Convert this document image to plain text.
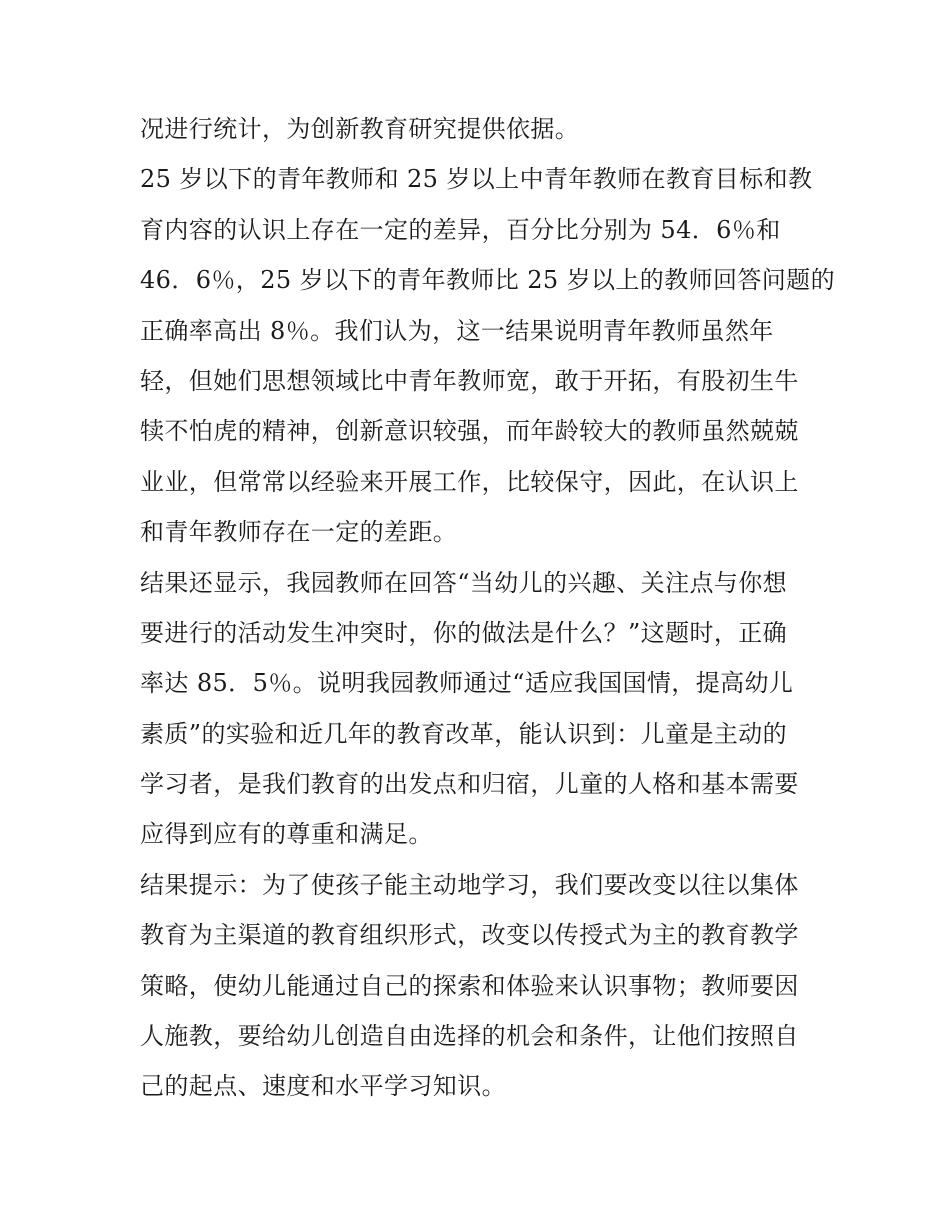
况进行统计，为创新教育研究提供依据。
25 岁以下的青年教师和 25 岁以上中青年教师在教育目标和教
育内容的认识上存在一定的差异，百分比分别为 54．6％和
46．6％，25 岁以下的青年教师比 25 岁以上的教师回答问题的
正确率高出 8％。我们认为，这一结果说明青年教师虽然年
轻，但她们思想领域比中青年教师宽，敢于开拓，有股初生牛
犊不怕虎的精神，创新意识较强，而年龄较大的教师虽然兢兢
业业，但常常以经验来开展工作，比较保守，因此，在认识上
和青年教师存在一定的差距。
结果还显示，我园教师在回答“当幼儿的兴趣、关注点与你想
要进行的活动发生冲突时，你的做法是什么？”这题时，正确
率达 85．5％。说明我园教师通过“适应我国国情，提高幼儿
素质”的实验和近几年的教育改革，能认识到：儿童是主动的
学习者，是我们教育的出发点和归宿，儿童的人格和基本需要
应得到应有的尊重和满足。
结果提示：为了使孩子能主动地学习，我们要改变以往以集体
教育为主渠道的教育组织形式，改变以传授式为主的教育教学
策略，使幼儿能通过自己的探索和体验来认识事物；教师要因
人施教，要给幼儿创造自由选择的机会和条件，让他们按照自
己的起点、速度和水平学习知识。
